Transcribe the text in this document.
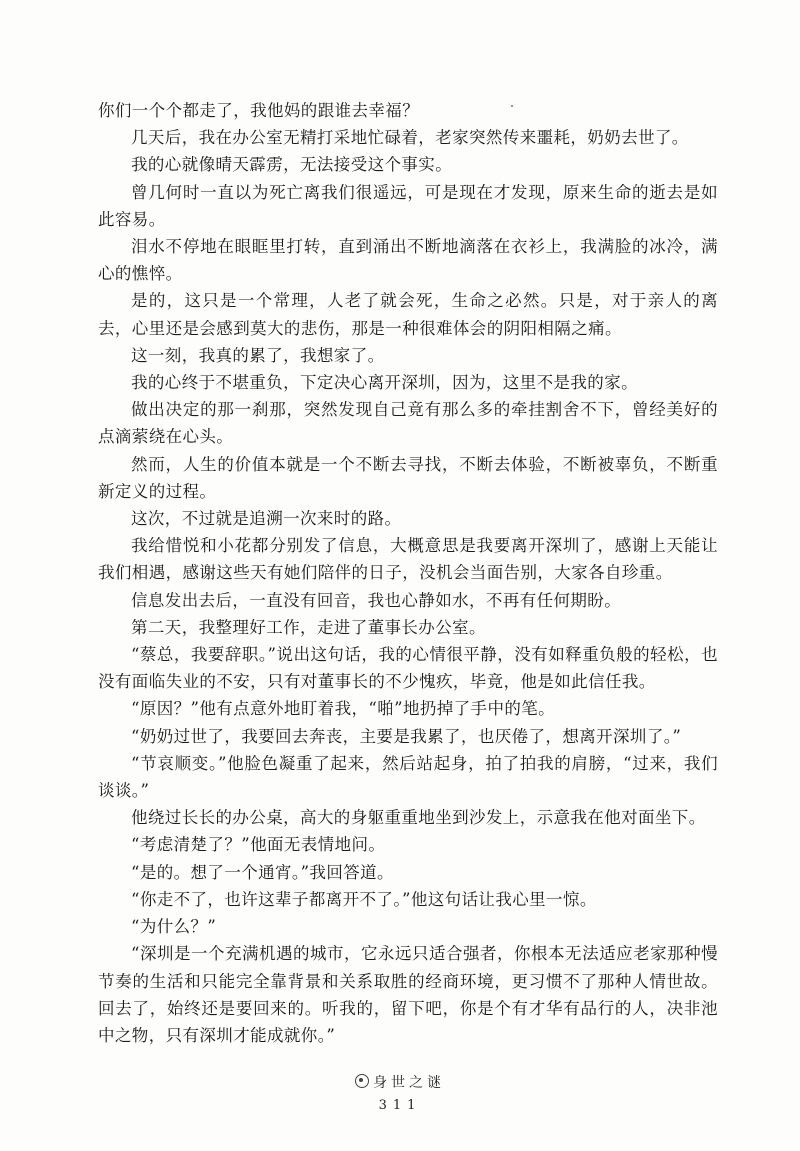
你们一个个都走了，我他妈的跟谁去幸福？

几天后，我在办公室无精打采地忙碌着，老家突然传来噩耗，奶奶去世了。

我的心就像晴天霹雳，无法接受这个事实。

曾几何时一直以为死亡离我们很遥远，可是现在才发现，原来生命的逝去是如此容易。

泪水不停地在眼眶里打转，直到涌出不断地滴落在衣衫上，我满脸的冰冷，满心的憔悴。

是的，这只是一个常理，人老了就会死，生命之必然。只是，对于亲人的离去，心里还是会感到莫大的悲伤，那是一种很难体会的阴阳相隔之痛。

这一刻，我真的累了，我想家了。

我的心终于不堪重负，下定决心离开深圳，因为，这里不是我的家。

做出决定的那一刹那，突然发现自己竟有那么多的牵挂割舍不下，曾经美好的点滴萦绕在心头。

然而，人生的价值本就是一个不断去寻找，不断去体验，不断被辜负，不断重新定义的过程。

这次，不过就是追溯一次来时的路。

我给惜悦和小花都分别发了信息，大概意思是我要离开深圳了，感谢上天能让我们相遇，感谢这些天有她们陪伴的日子，没机会当面告别，大家各自珍重。

信息发出去后，一直没有回音，我也心静如水，不再有任何期盼。

第二天，我整理好工作，走进了董事长办公室。

“蔡总，我要辞职。”说出这句话，我的心情很平静，没有如释重负般的轻松，也没有面临失业的不安，只有对董事长的不少愧疚，毕竟，他是如此信任我。

“原因？”他有点意外地盯着我，“啪”地扔掉了手中的笔。

“奶奶过世了，我要回去奔丧，主要是我累了，也厌倦了，想离开深圳了。”

“节哀顺变。”他脸色凝重了起来，然后站起身，拍了拍我的肩膀，“过来，我们谈谈。”

他绕过长长的办公桌，高大的身躯重重地坐到沙发上，示意我在他对面坐下。

“考虑清楚了？”他面无表情地问。

“是的。想了一个通宵。”我回答道。

“你走不了，也许这辈子都离开不了。”他这句话让我心里一惊。

“为什么？”

“深圳是一个充满机遇的城市，它永远只适合强者，你根本无法适应老家那种慢节奏的生活和只能完全靠背景和关系取胜的经商环境，更习惯不了那种人情世故。回去了，始终还是要回来的。听我的，留下吧，你是个有才华有品行的人，决非池中之物，只有深圳才能成就你。”

身世之谜
311
